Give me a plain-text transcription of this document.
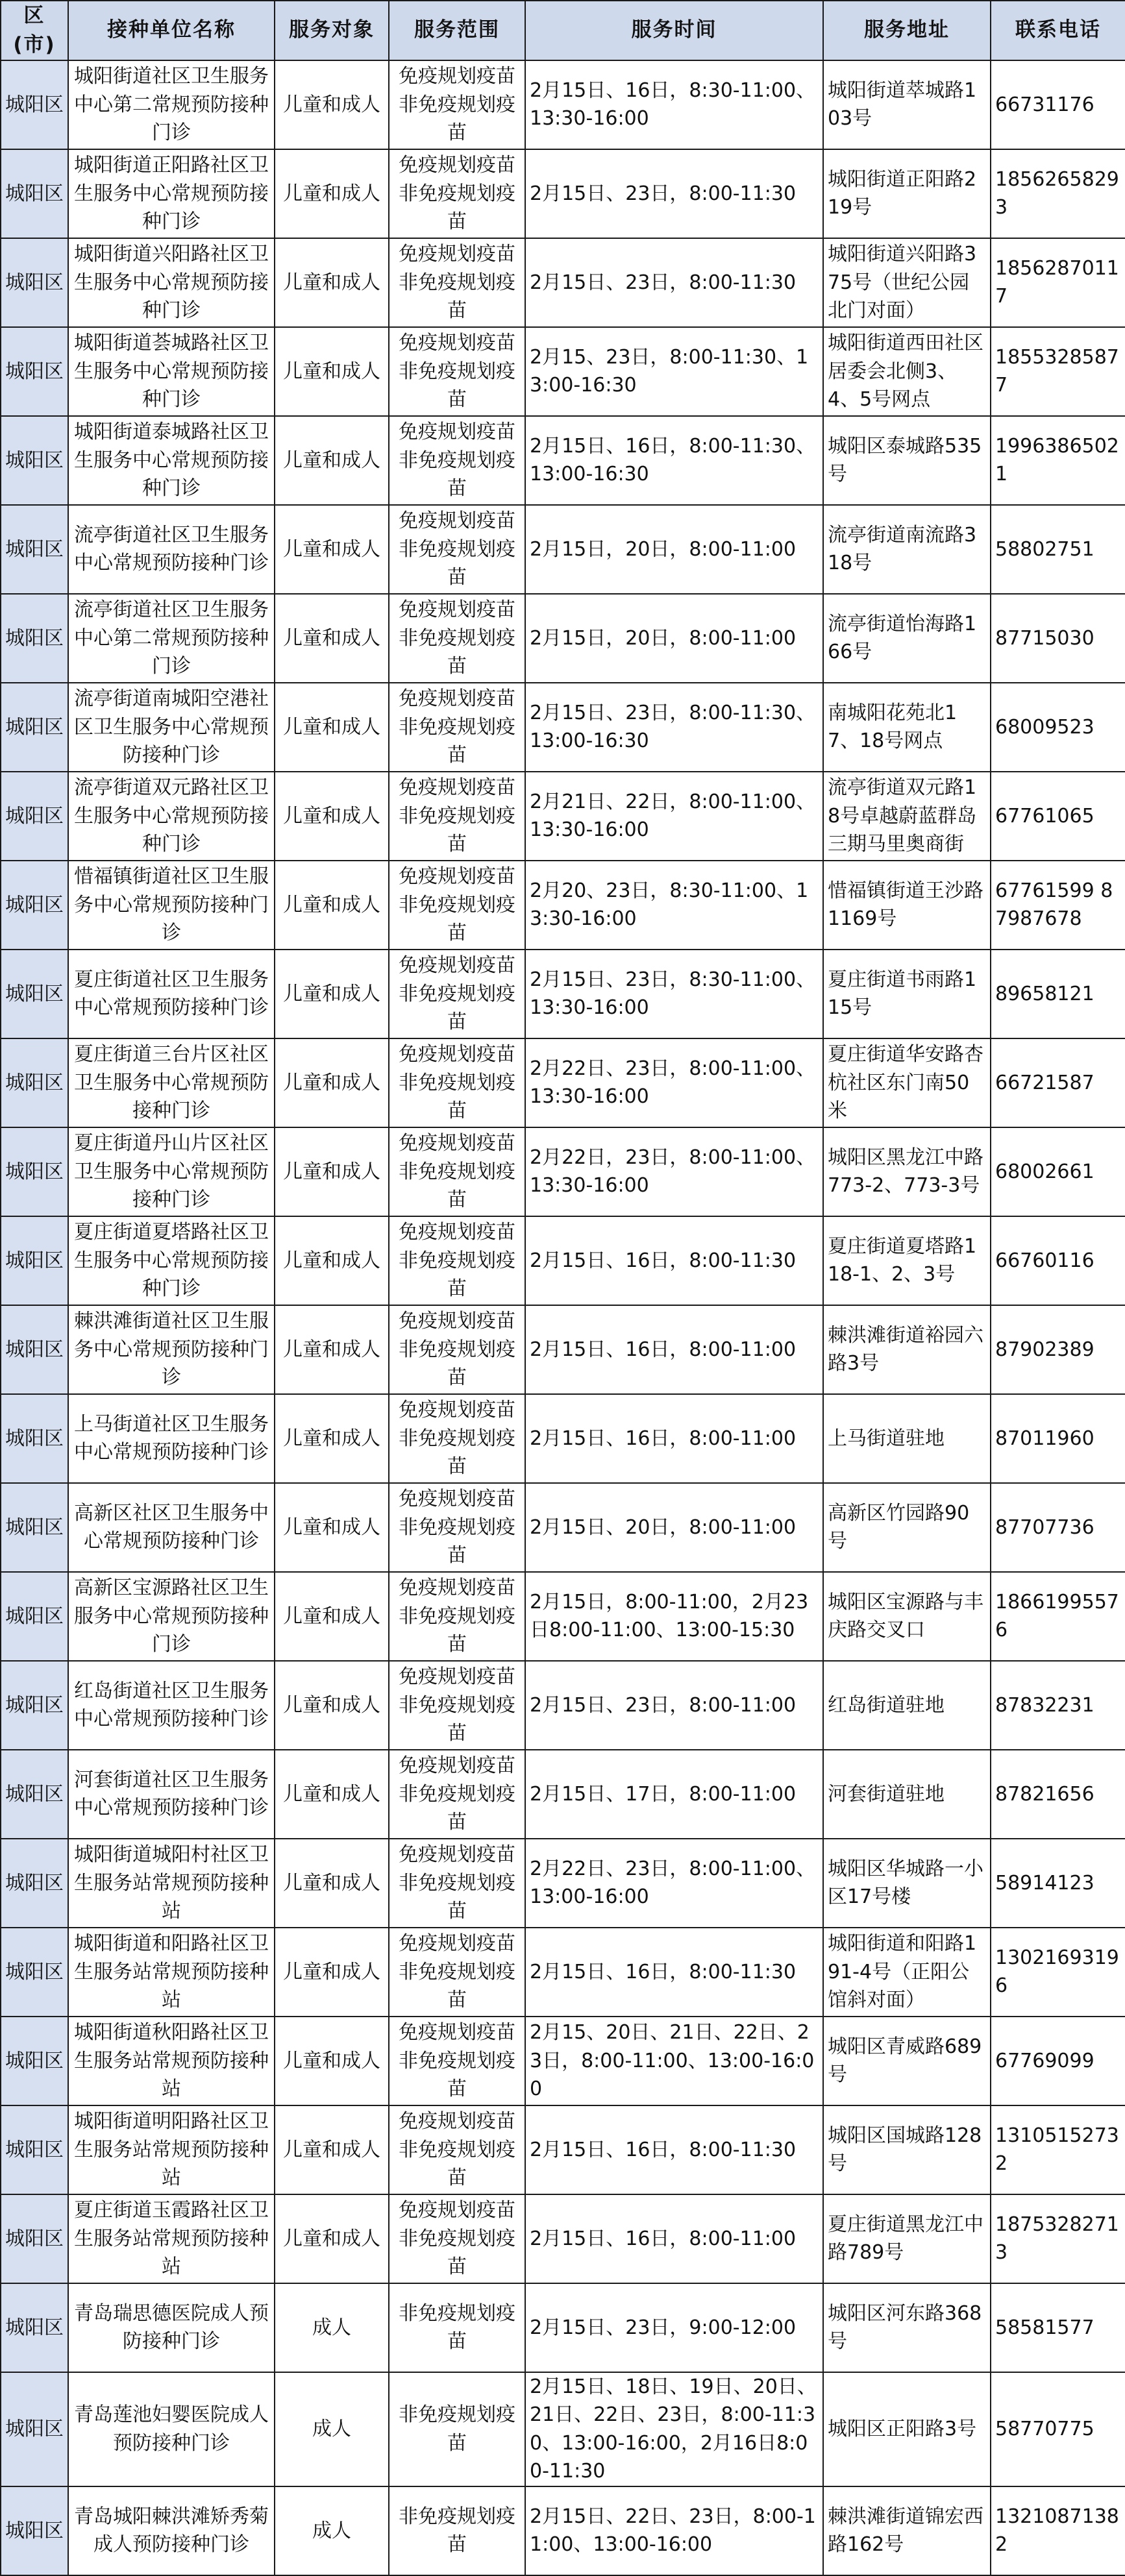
区(市)	接种单位名称	服务对象	服务范围	服务时间	服务地址	联系电话
城阳区	城阳街道社区卫生服务中心第二常规预防接种门诊	儿童和成人	免疫规划疫苗非免疫规划疫苗	2月15日、16日，8:30-11:00、13:30-16:00	城阳街道萃城路103号	66731176
城阳区	城阳街道正阳路社区卫生服务中心常规预防接种门诊	儿童和成人	免疫规划疫苗非免疫规划疫苗	2月15日、23日，8:00-11:30	城阳街道正阳路219号	18562658293
城阳区	城阳街道兴阳路社区卫生服务中心常规预防接种门诊	儿童和成人	免疫规划疫苗非免疫规划疫苗	2月15日、23日，8:00-11:30	城阳街道兴阳路375号（世纪公园北门对面）	18562870117
城阳区	城阳街道荟城路社区卫生服务中心常规预防接种门诊	儿童和成人	免疫规划疫苗非免疫规划疫苗	2月15、23日，8:00-11:30、13:00-16:30	城阳街道西田社区居委会北侧3、4、5号网点	18553285877
城阳区	城阳街道泰城路社区卫生服务中心常规预防接种门诊	儿童和成人	免疫规划疫苗非免疫规划疫苗	2月15日、16日，8:00-11:30、13:00-16:30	城阳区泰城路535号	19963865021
城阳区	流亭街道社区卫生服务中心常规预防接种门诊	儿童和成人	免疫规划疫苗非免疫规划疫苗	2月15日，20日，8:00-11:00	流亭街道南流路318号	58802751
城阳区	流亭街道社区卫生服务中心第二常规预防接种门诊	儿童和成人	免疫规划疫苗非免疫规划疫苗	2月15日，20日，8:00-11:00	流亭街道怡海路166号	87715030
城阳区	流亭街道南城阳空港社区卫生服务中心常规预防接种门诊	儿童和成人	免疫规划疫苗非免疫规划疫苗	2月15日、23日，8:00-11:30、13:00-16:30	南城阳花苑北17、18号网点	68009523
城阳区	流亭街道双元路社区卫生服务中心常规预防接种门诊	儿童和成人	免疫规划疫苗非免疫规划疫苗	2月21日、22日，8:00-11:00、13:30-16:00	流亭街道双元路18号卓越蔚蓝群岛三期马里奥商街	67761065
城阳区	惜福镇街道社区卫生服务中心常规预防接种门诊	儿童和成人	免疫规划疫苗非免疫规划疫苗	2月20、23日，8:30-11:00、13:30-16:00	惜福镇街道王沙路1169号	67761599 87987678
城阳区	夏庄街道社区卫生服务中心常规预防接种门诊	儿童和成人	免疫规划疫苗非免疫规划疫苗	2月15日、23日，8:30-11:00、13:30-16:00	夏庄街道书雨路115号	89658121
城阳区	夏庄街道三台片区社区卫生服务中心常规预防接种门诊	儿童和成人	免疫规划疫苗非免疫规划疫苗	2月22日、23日，8:00-11:00、13:30-16:00	夏庄街道华安路杏杭社区东门南50米	66721587
城阳区	夏庄街道丹山片区社区卫生服务中心常规预防接种门诊	儿童和成人	免疫规划疫苗非免疫规划疫苗	2月22日，23日，8:00-11:00、13:30-16:00	城阳区黑龙江中路773-2、773-3号	68002661
城阳区	夏庄街道夏塔路社区卫生服务中心常规预防接种门诊	儿童和成人	免疫规划疫苗非免疫规划疫苗	2月15日、16日，8:00-11:30	夏庄街道夏塔路118-1、2、3号	66760116
城阳区	棘洪滩街道社区卫生服务中心常规预防接种门诊	儿童和成人	免疫规划疫苗非免疫规划疫苗	2月15日、16日，8:00-11:00	棘洪滩街道裕园六路3号	87902389
城阳区	上马街道社区卫生服务中心常规预防接种门诊	儿童和成人	免疫规划疫苗非免疫规划疫苗	2月15日、16日，8:00-11:00	上马街道驻地	87011960
城阳区	高新区社区卫生服务中心常规预防接种门诊	儿童和成人	免疫规划疫苗非免疫规划疫苗	2月15日、20日，8:00-11:00	高新区竹园路90号	87707736
城阳区	高新区宝源路社区卫生服务中心常规预防接种门诊	儿童和成人	免疫规划疫苗非免疫规划疫苗	2月15日，8:00-11:00，2月23日8:00-11:00、13:00-15:30	城阳区宝源路与丰庆路交叉口	18661995576
城阳区	红岛街道社区卫生服务中心常规预防接种门诊	儿童和成人	免疫规划疫苗非免疫规划疫苗	2月15日、23日，8:00-11:00	红岛街道驻地	87832231
城阳区	河套街道社区卫生服务中心常规预防接种门诊	儿童和成人	免疫规划疫苗非免疫规划疫苗	2月15日、17日，8:00-11:00	河套街道驻地	87821656
城阳区	城阳街道城阳村社区卫生服务站常规预防接种站	儿童和成人	免疫规划疫苗非免疫规划疫苗	2月22日、23日，8:00-11:00、13:00-16:00	城阳区华城路一小区17号楼	58914123
城阳区	城阳街道和阳路社区卫生服务站常规预防接种站	儿童和成人	免疫规划疫苗非免疫规划疫苗	2月15日、16日，8:00-11:30	城阳街道和阳路191-4号（正阳公馆斜对面）	13021693196
城阳区	城阳街道秋阳路社区卫生服务站常规预防接种站	儿童和成人	免疫规划疫苗非免疫规划疫苗	2月15、20日、21日、22日、23日，8:00-11:00、13:00-16:00	城阳区青威路689号	67769099
城阳区	城阳街道明阳路社区卫生服务站常规预防接种站	儿童和成人	免疫规划疫苗非免疫规划疫苗	2月15日、16日，8:00-11:30	城阳区国城路128号	13105152732
城阳区	夏庄街道玉霞路社区卫生服务站常规预防接种站	儿童和成人	免疫规划疫苗非免疫规划疫苗	2月15日、16日，8:00-11:00	夏庄街道黑龙江中路789号	18753282713
城阳区	青岛瑞思德医院成人预防接种门诊	成人	非免疫规划疫苗	2月15日、23日，9:00-12:00	城阳区河东路368号	58581577
城阳区	青岛莲池妇婴医院成人预防接种门诊	成人	非免疫规划疫苗	2月15日、18日、19日、20日、21日、22日、23日，8:00-11:30、13:00-16:00，2月16日8:00-11:30	城阳区正阳路3号	58770775
城阳区	青岛城阳棘洪滩矫秀菊成人预防接种门诊	成人	非免疫规划疫苗	2月15日、22日、23日，8:00-11:00、13:00-16:00	棘洪滩街道锦宏西路162号	13210871382
